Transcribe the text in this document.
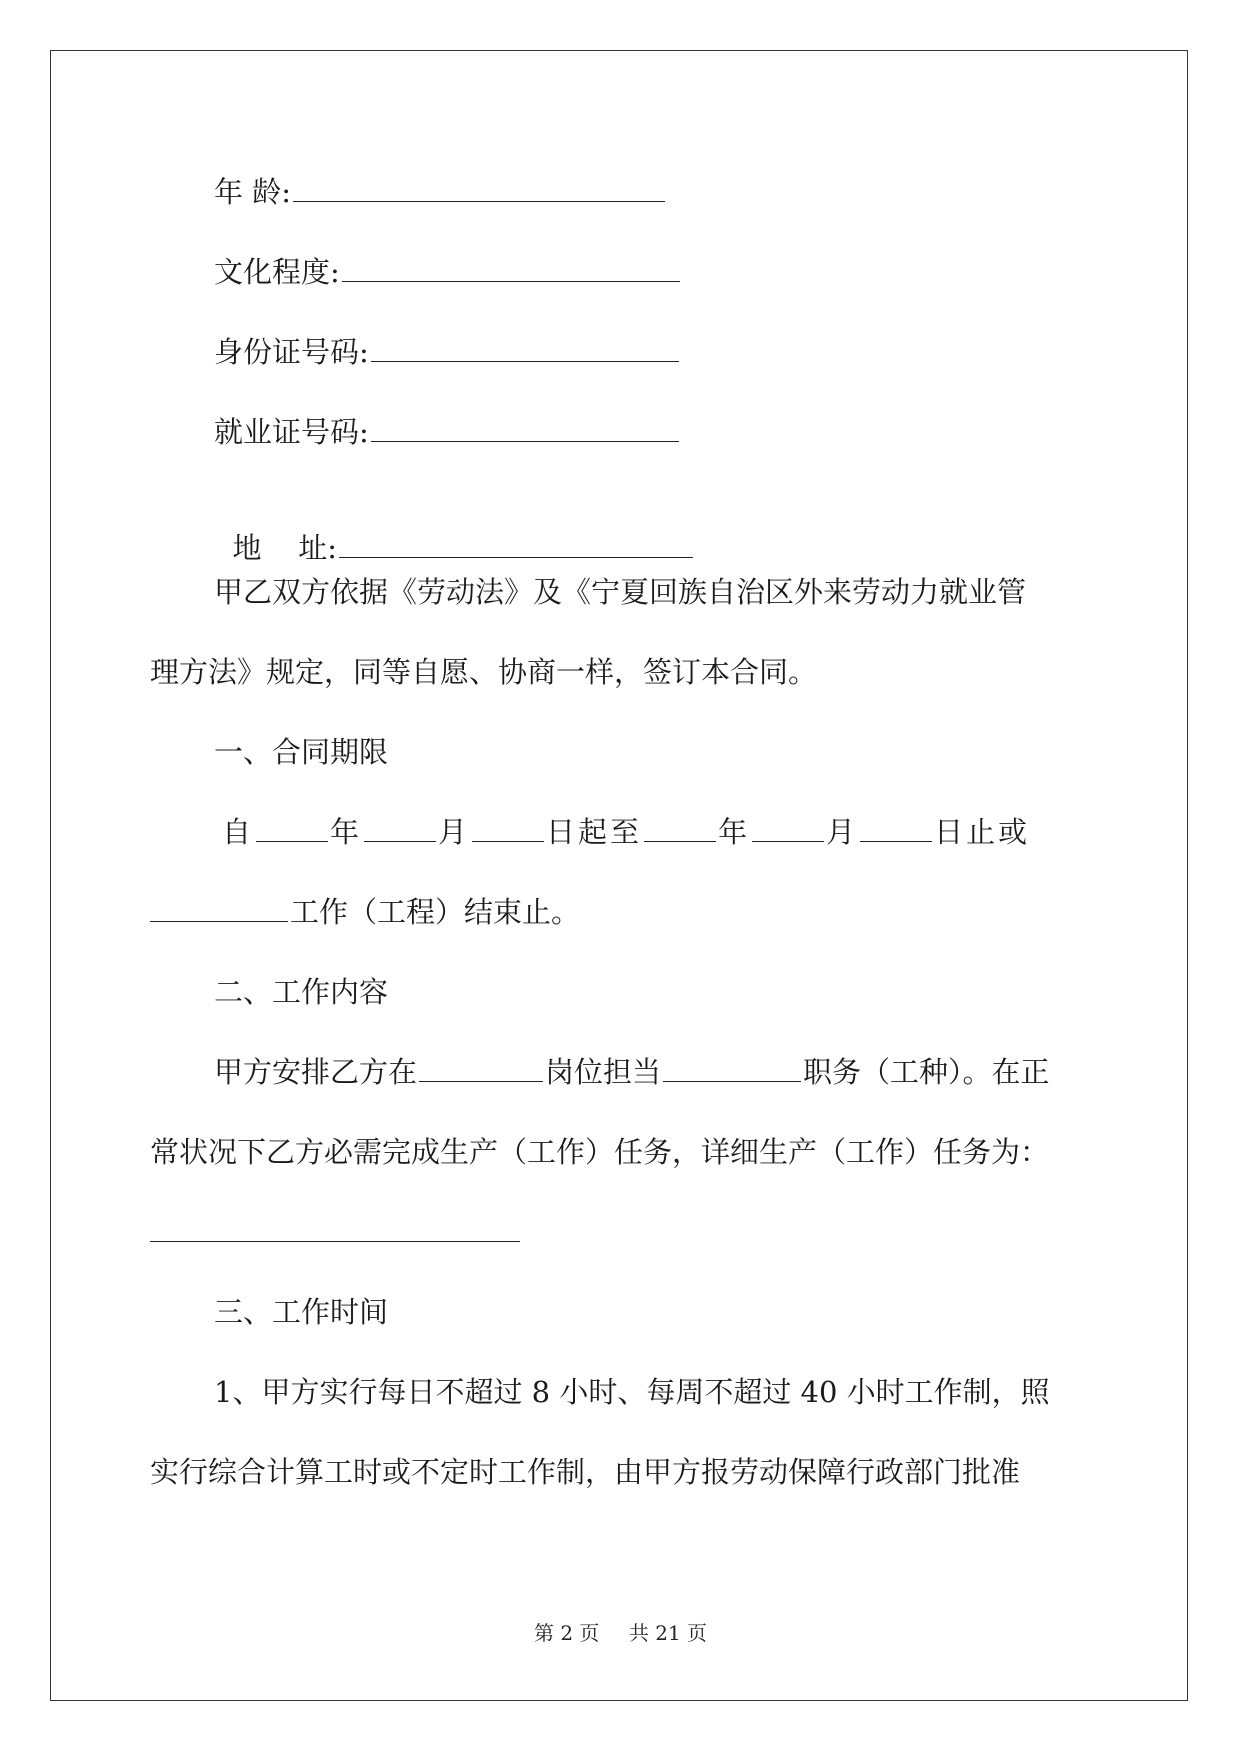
年 龄:
文化程度:
身份证号码:
就业证号码:

地    址:

甲乙双方依据《劳动法》及《宁夏回族自治区外来劳动力就业管
理方法》规定，同等自愿、协商一样，签订本合同。
一、合同期限
自	年	月	日起至	年	月	日止或
工作（工程）结束止。
二、工作内容
甲方安排乙方在	岗位担当	职务（工种）。在正
常状况下乙方必需完成生产（工作）任务，详细生产（工作）任务为：
三、工作时间
1、甲方实行每日不超过 8 小时、每周不超过 40 小时工作制，照
实行综合计算工时或不定时工作制，由甲方报劳动保障行政部门批准
第 2 页 共 21 页
